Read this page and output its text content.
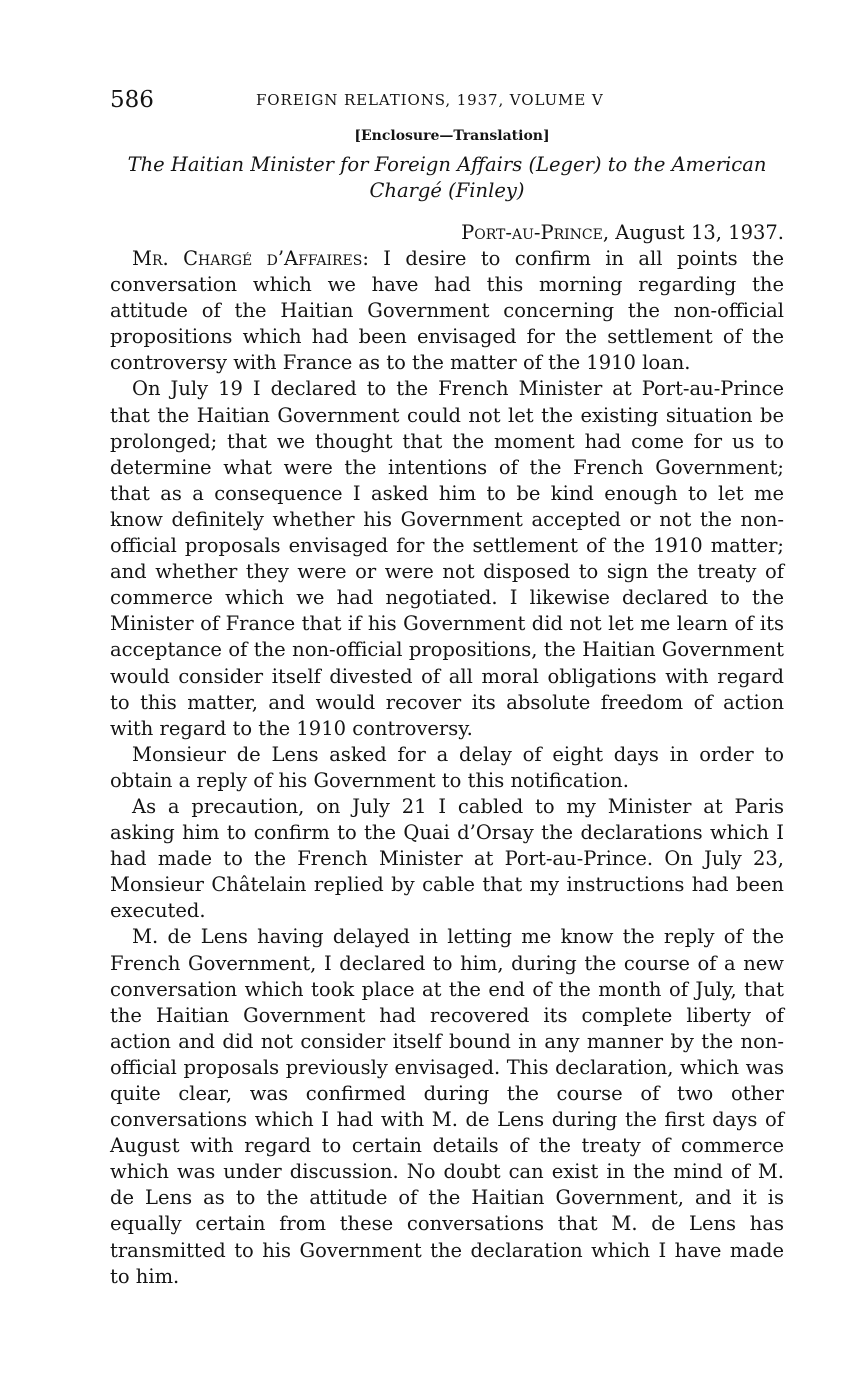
586	FOREIGN RELATIONS, 1937, VOLUME V
[Enclosure—Translation]
The Haitian Minister for Foreign Affairs (Leger) to the American Chargé (Finley)
Port-au-Prince, August 13, 1937.

Mr. Chargé d’Affaires: I desire to confirm in all points the conversation which we have had this morning regarding the attitude of the Haitian Government concerning the non-official propositions which had been envisaged for the settlement of the controversy with France as to the matter of the 1910 loan.

On July 19 I declared to the French Minister at Port-au-Prince that the Haitian Government could not let the existing situation be prolonged; that we thought that the moment had come for us to determine what were the intentions of the French Government; that as a consequence I asked him to be kind enough to let me know definitely whether his Government accepted or not the non-official proposals envisaged for the settlement of the 1910 matter; and whether they were or were not disposed to sign the treaty of commerce which we had negotiated. I likewise declared to the Minister of France that if his Government did not let me learn of its acceptance of the non-official propositions, the Haitian Government would consider itself divested of all moral obligations with regard to this matter, and would recover its absolute freedom of action with regard to the 1910 controversy.

Monsieur de Lens asked for a delay of eight days in order to obtain a reply of his Government to this notification.

As a precaution, on July 21 I cabled to my Minister at Paris asking him to confirm to the Quai d’Orsay the declarations which I had made to the French Minister at Port-au-Prince. On July 23, Monsieur Châtelain replied by cable that my instructions had been executed.

M. de Lens having delayed in letting me know the reply of the French Government, I declared to him, during the course of a new conversation which took place at the end of the month of July, that the Haitian Government had recovered its complete liberty of action and did not consider itself bound in any manner by the non-official proposals previously envisaged. This declaration, which was quite clear, was confirmed during the course of two other conversations which I had with M. de Lens during the first days of August with regard to certain details of the treaty of commerce which was under discussion. No doubt can exist in the mind of M. de Lens as to the attitude of the Haitian Government, and it is equally certain from these conversations that M. de Lens has transmitted to his Government the declaration which I have made to him.
